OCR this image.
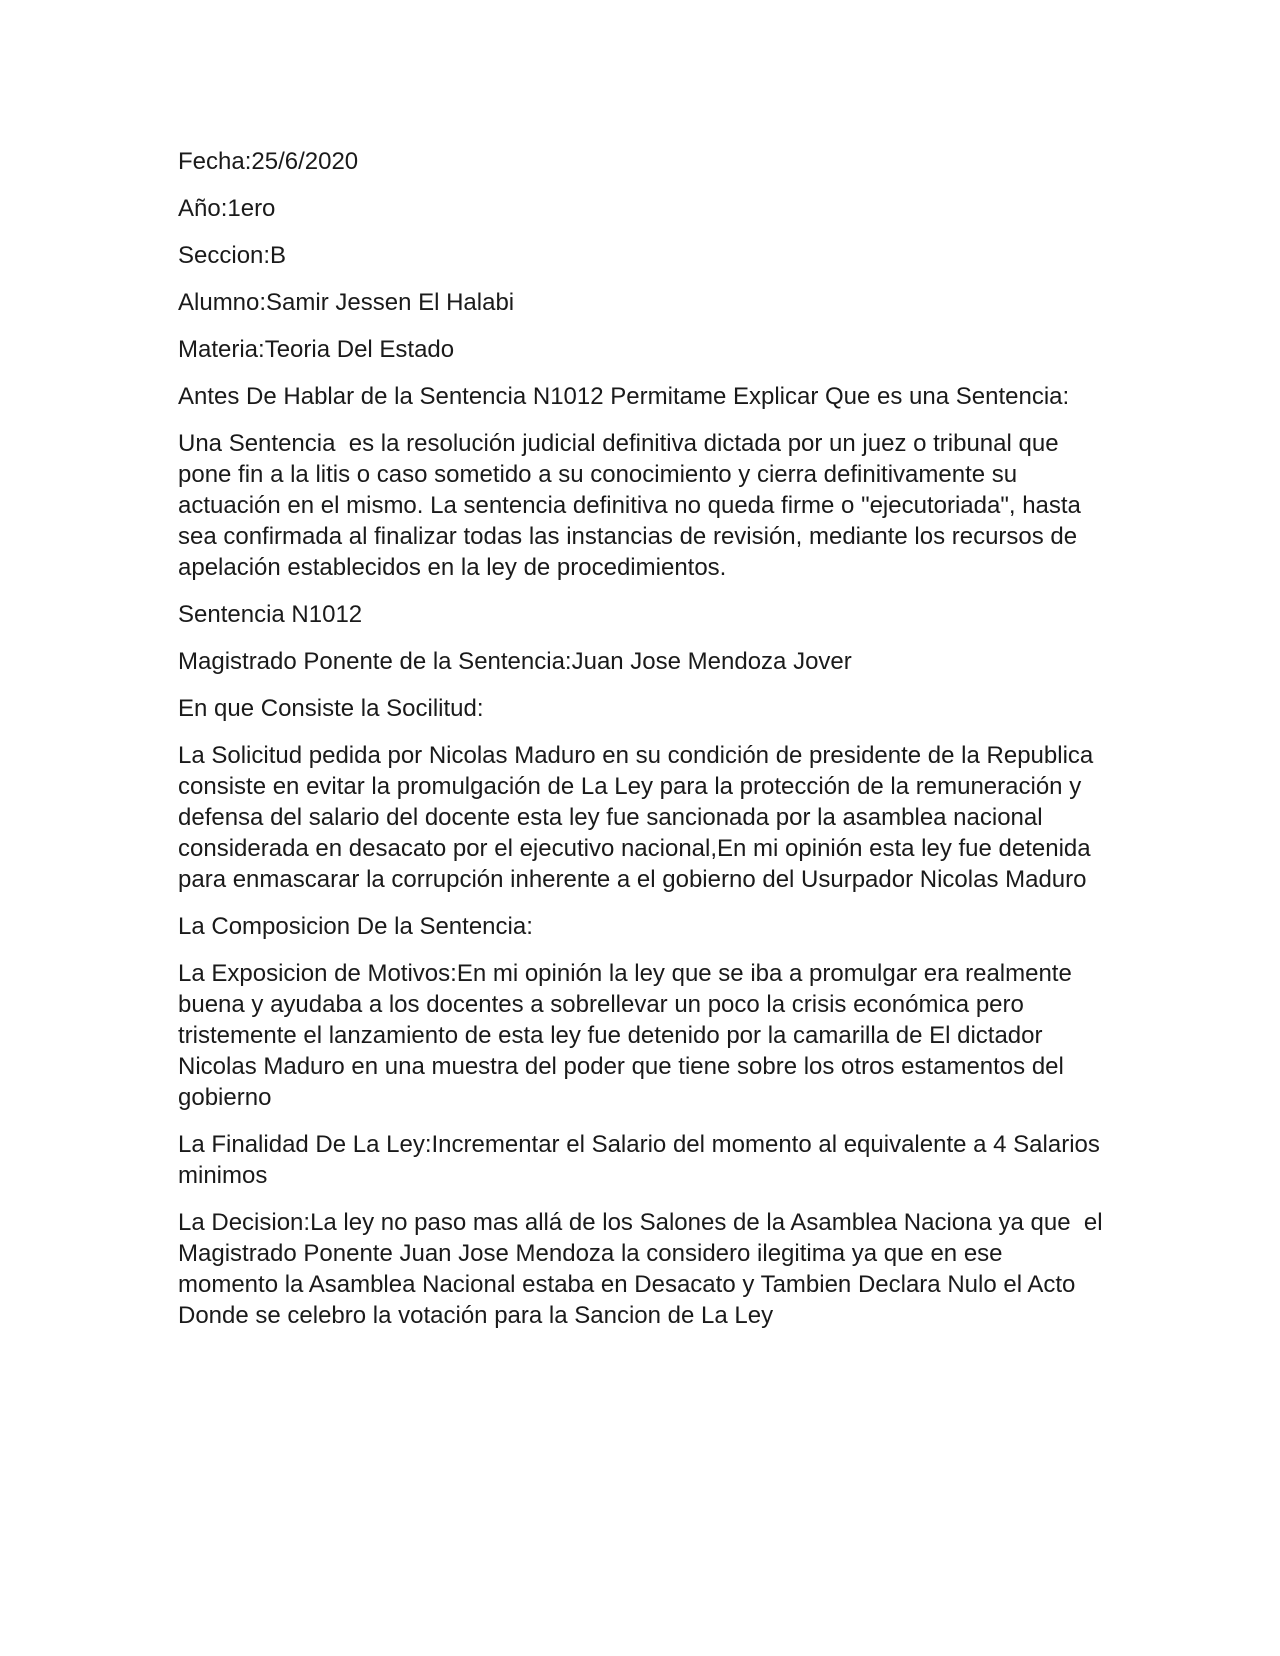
Fecha:25/6/2020

Año:1ero

Seccion:B

Alumno:Samir Jessen El Halabi

Materia:Teoria Del Estado

Antes De Hablar de la Sentencia N1012 Permitame Explicar Que es una Sentencia:

Una Sentencia  es la resolución judicial definitiva dictada por un juez o tribunal que pone fin a la litis o caso sometido a su conocimiento y cierra definitivamente su actuación en el mismo. La sentencia definitiva no queda firme o "ejecutoriada", hasta sea confirmada al finalizar todas las instancias de revisión, mediante los recursos de apelación establecidos en la ley de procedimientos.

Sentencia N1012

Magistrado Ponente de la Sentencia:Juan Jose Mendoza Jover

En que Consiste la Socilitud:

La Solicitud pedida por Nicolas Maduro en su condición de presidente de la Republica consiste en evitar la promulgación de La Ley para la protección de la remuneración y defensa del salario del docente esta ley fue sancionada por la asamblea nacional considerada en desacato por el ejecutivo nacional,En mi opinión esta ley fue detenida para enmascarar la corrupción inherente a el gobierno del Usurpador Nicolas Maduro

La Composicion De la Sentencia:

La Exposicion de Motivos:En mi opinión la ley que se iba a promulgar era realmente buena y ayudaba a los docentes a sobrellevar un poco la crisis económica pero tristemente el lanzamiento de esta ley fue detenido por la camarilla de El dictador Nicolas Maduro en una muestra del poder que tiene sobre los otros estamentos del gobierno

La Finalidad De La Ley:Incrementar el Salario del momento al equivalente a 4 Salarios minimos

La Decision:La ley no paso mas allá de los Salones de la Asamblea Naciona ya que  el Magistrado Ponente Juan Jose Mendoza la considero ilegitima ya que en ese momento la Asamblea Nacional estaba en Desacato y Tambien Declara Nulo el Acto Donde se celebro la votación para la Sancion de La Ley
